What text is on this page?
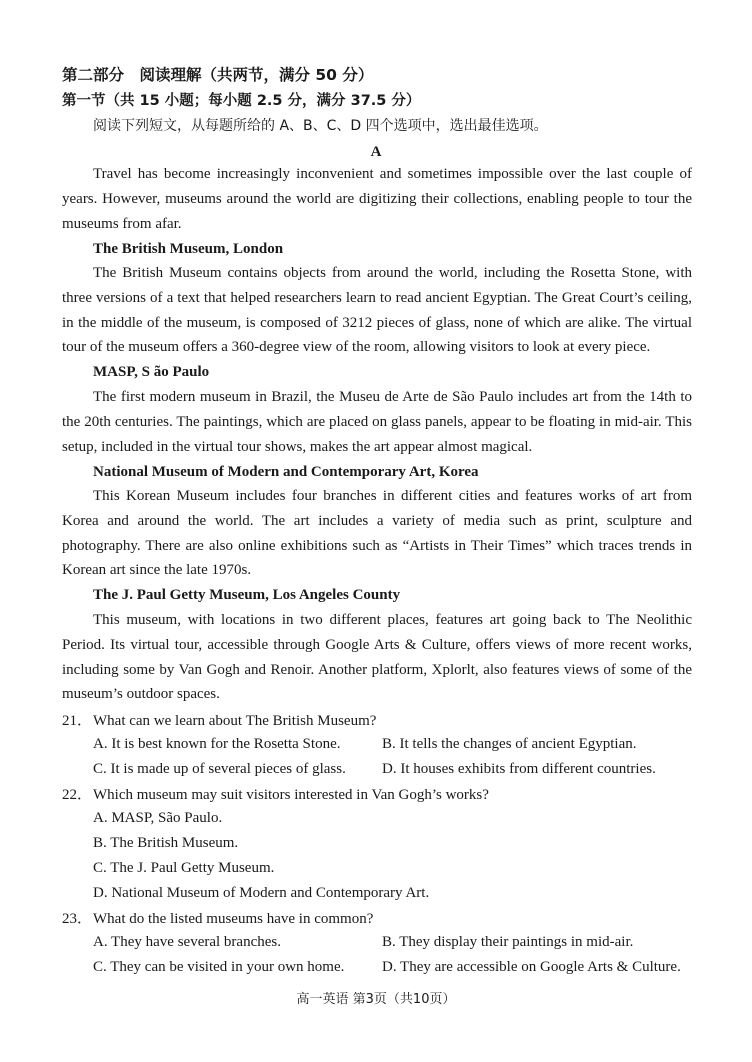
第二部分　阅读理解（共两节，满分 50 分）
第一节（共 15 小题；每小题 2.5 分，满分 37.5 分）
阅读下列短文，从每题所给的 A、B、C、D 四个选项中，选出最佳选项。
A

Travel has become increasingly inconvenient and sometimes impossible over the last couple of years. However, museums around the world are digitizing their collections, enabling people to tour the museums from afar.

The British Museum, London

The British Museum contains objects from around the world, including the Rosetta Stone, with three versions of a text that helped researchers learn to read ancient Egyptian. The Great Court’s ceiling, in the middle of the museum, is composed of 3212 pieces of glass, none of which are alike. The virtual tour of the museum offers a 360-degree view of the room, allowing visitors to look at every piece.

MASP, S ão Paulo

The first modern museum in Brazil, the Museu de Arte de São Paulo includes art from the 14th to the 20th centuries. The paintings, which are placed on glass panels, appear to be floating in mid-air. This setup, included in the virtual tour shows, makes the art appear almost magical.

National Museum of Modern and Contemporary Art, Korea

This Korean Museum includes four branches in different cities and features works of art from Korea and around the world. The art includes a variety of media such as print, sculpture and photography. There are also online exhibitions such as “Artists in Their Times” which traces trends in Korean art since the late 1970s.

The J. Paul Getty Museum, Los Angeles County

This museum, with locations in two different places, features art going back to The Neolithic Period. Its virtual tour, accessible through Google Arts & Culture, offers views of more recent works, including some by Van Gogh and Renoir. Another platform, Xplorlt, also features views of some of the museum’s outdoor spaces.

21．What can we learn about The British Museum?
A. It is best known for the Rosetta Stone.	B. It tells the changes of ancient Egyptian.
C. It is made up of several pieces of glass. D. It houses exhibits from different countries.
22．Which museum may suit visitors interested in Van Gogh’s works?
A. MASP, São Paulo.
B. The British Museum.
C. The J. Paul Getty Museum.
D. National Museum of Modern and Contemporary Art.
23．What do the listed museums have in common?
A. They have several branches.	B. They display their paintings in mid-air.
C. They can be visited in your own home.	D. They are accessible on Google Arts & Culture.
高一英语 第3页（共10页）
